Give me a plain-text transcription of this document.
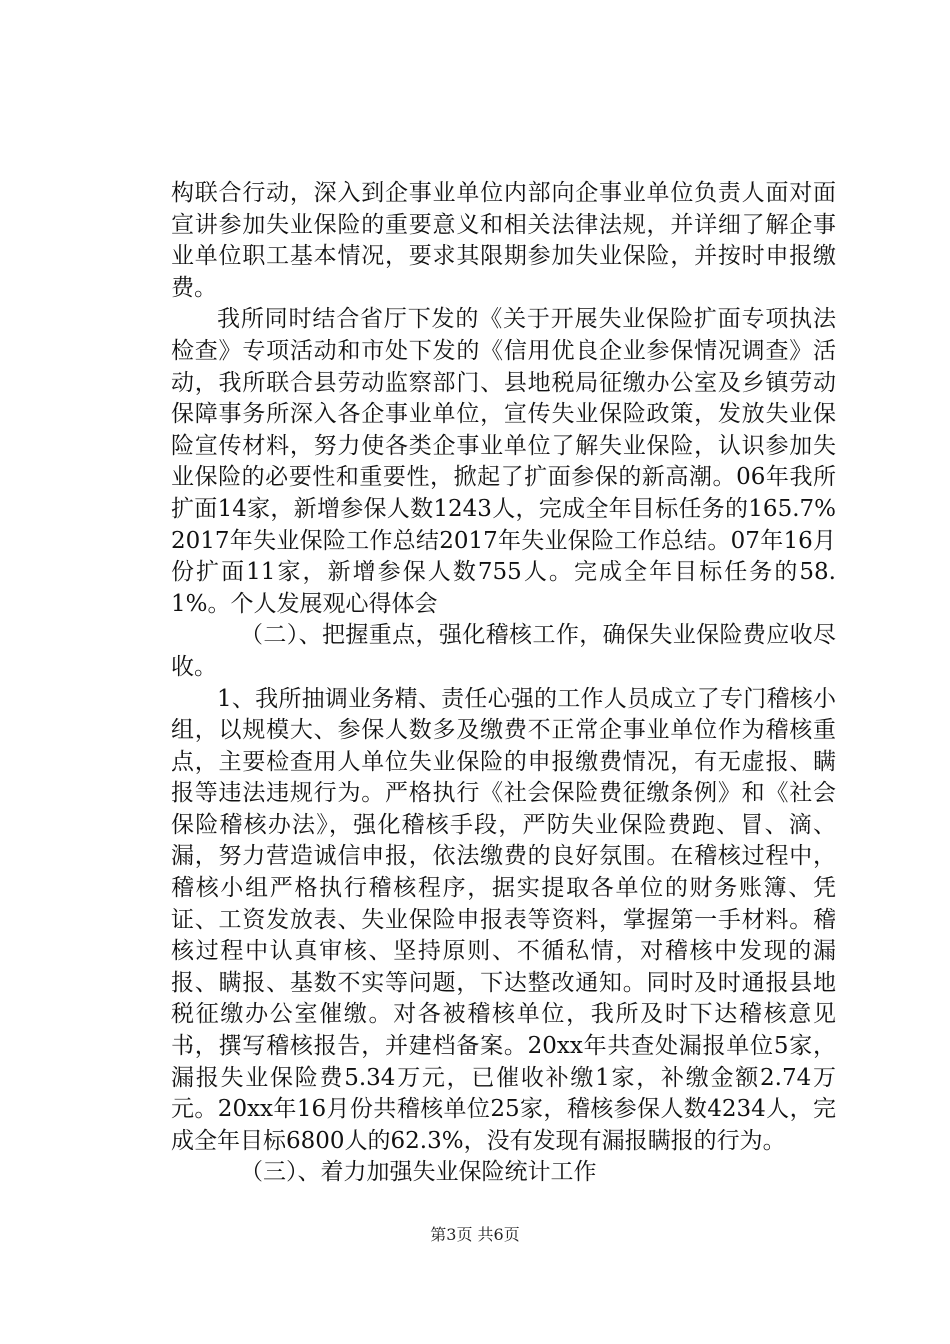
构联合行动，深入到企事业单位内部向企事业单位负责人面对面宣讲参加失业保险的重要意义和相关法律法规，并详细了解企事业单位职工基本情况，要求其限期参加失业保险，并按时申报缴费。

我所同时结合省厅下发的《关于开展失业保险扩面专项执法检查》专项活动和市处下发的《信用优良企业参保情况调查》活动，我所联合县劳动监察部门、县地税局征缴办公室及乡镇劳动保障事务所深入各企事业单位，宣传失业保险政策，发放失业保险宣传材料，努力使各类企事业单位了解失业保险，认识参加失业保险的必要性和重要性，掀起了扩面参保的新高潮。06年我所扩面14家，新增参保人数1243人，完成全年目标任务的165.7%2017年失业保险工作总结2017年失业保险工作总结。07年16月份扩面11家，新增参保人数755人。完成全年目标任务的58.1%。个人发展观心得体会

（二）、把握重点，强化稽核工作，确保失业保险费应收尽收。

1、我所抽调业务精、责任心强的工作人员成立了专门稽核小组，以规模大、参保人数多及缴费不正常企事业单位作为稽核重点，主要检查用人单位失业保险的申报缴费情况，有无虚报、瞒报等违法违规行为。严格执行《社会保险费征缴条例》和《社会保险稽核办法》，强化稽核手段，严防失业保险费跑、冒、滴、漏，努力营造诚信申报，依法缴费的良好氛围。在稽核过程中，稽核小组严格执行稽核程序，据实提取各单位的财务账簿、凭证、工资发放表、失业保险申报表等资料，掌握第一手材料。稽核过程中认真审核、坚持原则、不循私情，对稽核中发现的漏报、瞒报、基数不实等问题，下达整改通知。同时及时通报县地税征缴办公室催缴。对各被稽核单位，我所及时下达稽核意见书，撰写稽核报告，并建档备案。20xx年共查处漏报单位5家，漏报失业保险费5.34万元，已催收补缴1家，补缴金额2.74万元。20xx年16月份共稽核单位25家，稽核参保人数4234人，完成全年目标6800人的62.3%，没有发现有漏报瞒报的行为。

（三）、着力加强失业保险统计工作

第3页 共6页
